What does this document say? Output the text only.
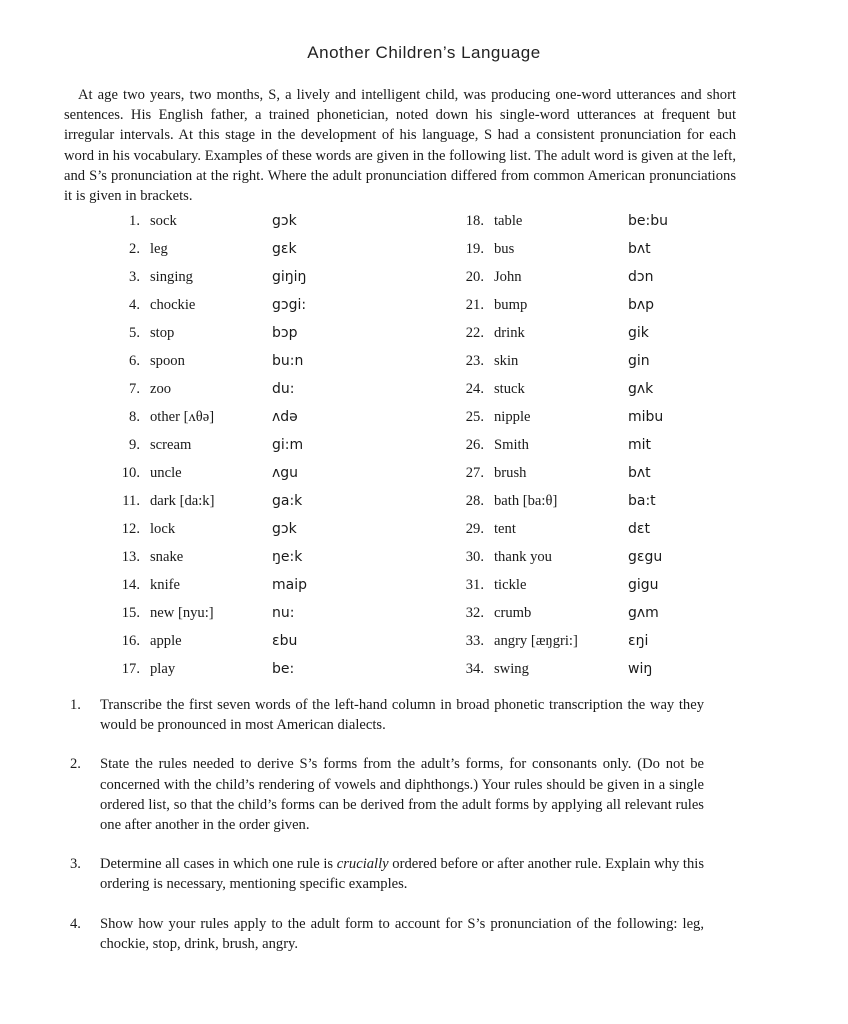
Another Children’s Language

At age two years, two months, S, a lively and intelligent child, was producing one-word utterances and short sentences. His English father, a trained phonetician, noted down his single-word utterances at frequent but irregular intervals. At this stage in the development of his language, S had a consistent pronunciation for each word in his vocabulary. Examples of these words are given in the following list. The adult word is given at the left, and S’s pronunciation at the right. Where the adult pronunciation differed from common American pronunciations it is given in brackets.

1. sock	gɔk
2. leg	gɛk
3. singing	giŋiŋ
4. chockie	gɔgi:
5. stop	bɔp
6. spoon	bu:n
7. zoo	du:
8. other [ʌθə]	ʌdə
9. scream	gi:m
10. uncle	ʌgu
11. dark [da:k]	ga:k
12. lock	gɔk
13. snake	ŋe:k
14. knife	maip
15. new [nyu:]	nu:
16. apple	ɛbu
17. play	be:
18. table	be:bu
19. bus	bʌt
20. John	dɔn
21. bump	bʌp
22. drink	gik
23. skin	gin
24. stuck	gʌk
25. nipple	mibu
26. Smith	mit
27. brush	bʌt
28. bath [ba:θ]	ba:t
29. tent	dɛt
30. thank you	gɛgu
31. tickle	gigu
32. crumb	gʌm
33. angry [æŋgri:]	ɛŋi
34. swing	wiŋ
1. Transcribe the first seven words of the left-hand column in broad phonetic transcription the way they would be pronounced in most American dialects.
2. State the rules needed to derive S’s forms from the adult’s forms, for consonants only. (Do not be concerned with the child’s rendering of vowels and diphthongs.) Your rules should be given in a single ordered list, so that the child’s forms can be derived from the adult forms by applying all relevant rules one after another in the order given.
3. Determine all cases in which one rule is crucially ordered before or after another rule. Explain why this ordering is necessary, mentioning specific examples.
4. Show how your rules apply to the adult form to account for S’s pronunciation of the following: leg, chockie, stop, drink, brush, angry.
